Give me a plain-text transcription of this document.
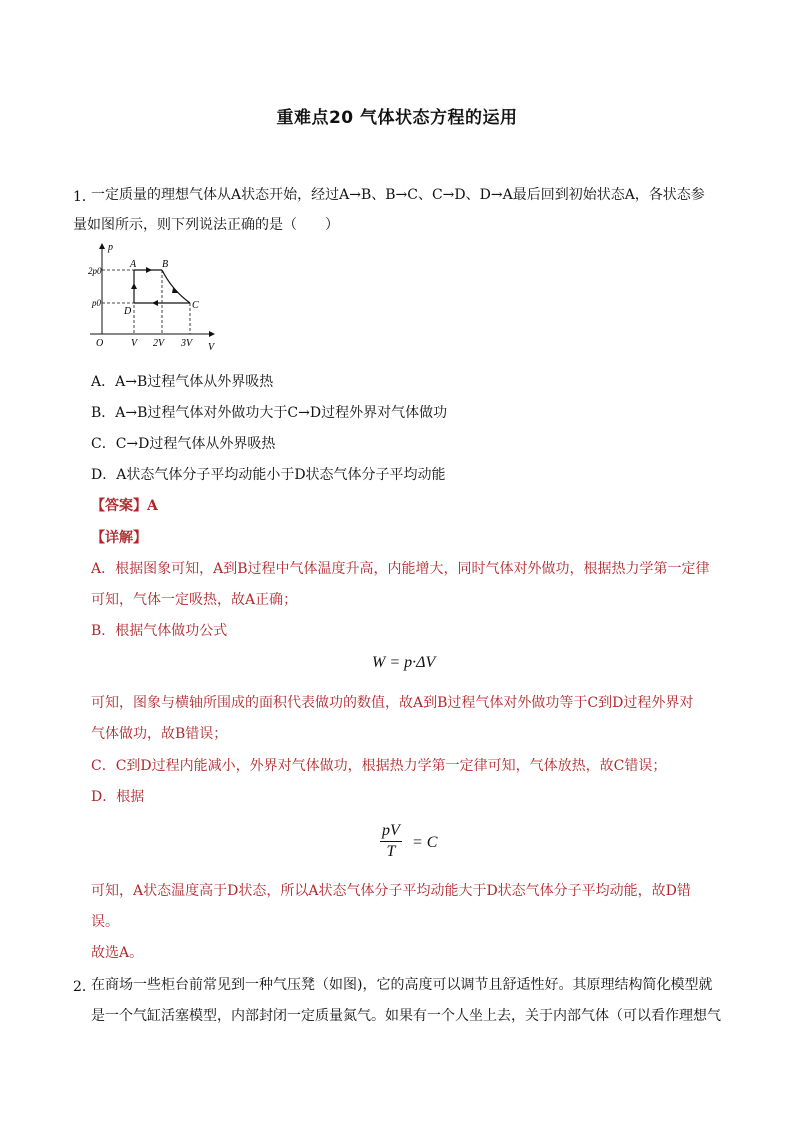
重难点20 气体状态方程的运用
1．
一定质量的理想气体从A状态开始，经过A→B、B→C、C→D、D→A最后回到初始状态A，各状态参
量如图所示，则下列说法正确的是（　　）
p
V
O
2p0
p0
V 2V 3V
A	B
C
D
A．A→B过程气体从外界吸热
B．A→B过程气体对外做功大于C→D过程外界对气体做功
C．C→D过程气体从外界吸热
D．A状态气体分子平均动能小于D状态气体分子平均动能
【答案】A
【详解】
A．根据图象可知，A到B过程中气体温度升高，内能增大，同时气体对外做功，根据热力学第一定律
可知，气体一定吸热，故A正确；
B．根据气体做功公式
W = p·ΔV
可知，图象与横轴所围成的面积代表做功的数值，故A到B过程气体对外做功等于C到D过程外界对
气体做功，故B错误；
C．C到D过程内能减小，外界对气体做功，根据热力学第一定律可知，气体放热，故C错误；
D．根据
$\frac{pV}{T} = C$
可知，A状态温度高于D状态，所以A状态气体分子平均动能大于D状态气体分子平均动能，故D错
误。
故选A。
2．
在商场一些柜台前常见到一种气压凳（如图)，它的高度可以调节且舒适性好。其原理结构简化模型就
是一个气缸活塞模型，内部封闭一定质量氮气。如果有一个人坐上去，关于内部气体（可以看作理想气
